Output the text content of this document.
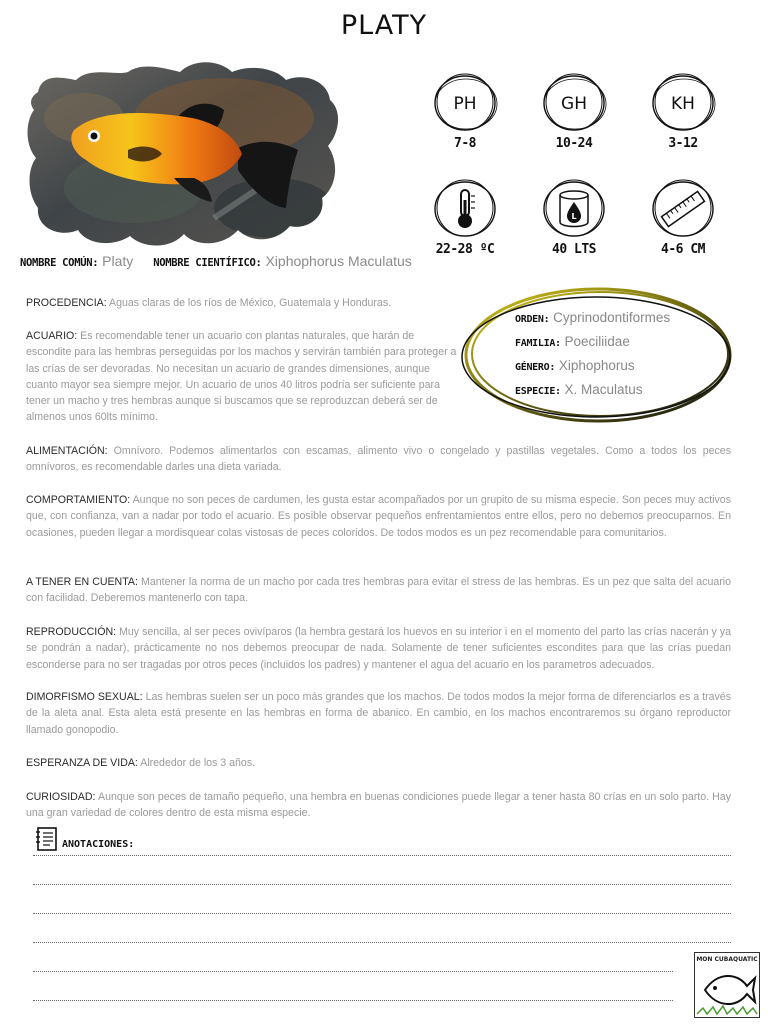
PLATY
NOMBRE COMÚN: Platy NOMBRE CIENTÍFICO: Xiphophorus Maculatus
PH
7-8
GH
10-24
KH
3-12
22-28 ºC
L
40 LTS	4-6 CM
ORDEN: Cyprinodontiformes
FAMILIA: Poeciliidae
GÉNERO: Xiphophorus
ESPECIE: X. Maculatus
PROCEDENCIA: Aguas claras de los ríos de México, Guatemala y Honduras.
ACUARIO: Es recomendable tener un acuario con plantas naturales, que harán de escondite para las hembras perseguidas por los machos y servirán también para proteger a las crías de ser devoradas. No necesitan un acuario de grandes dimensiones, aunque cuanto mayor sea siempre mejor. Un acuario de unos 40 litros podría ser suficiente para tener un macho y tres hembras aunque si buscamos que se reproduzcan deberá ser de almenos unos 60lts mínimo.
ALIMENTACIÓN: Omnívoro. Podemos alimentarlos con escamas, alimento vivo o congelado y pastillas vegetales. Como a todos los peces omnívoros, es recomendable darles una dieta variada.
COMPORTAMIENTO: Aunque no son peces de cardumen, les gusta estar acompañados por un grupito de su misma especie. Son peces muy activos que, con confianza, van a nadar por todo el acuario. Es posible observar pequeños enfrentamientos entre ellos, pero no debemos preocuparnos. En ocasiones, pueden llegar a mordisquear colas vistosas de peces coloridos. De todos modos es un pez recomendable para comunitarios.
A TENER EN CUENTA: Mantener la norma de un macho por cada tres hembras para evitar el stress de las hembras. Es un pez que salta del acuario con facilidad. Deberemos mantenerlo con tapa.
REPRODUCCIÓN: Muy sencilla, al ser peces ovivíparos (la hembra gestará los huevos en su interior i en el momento del parto las crías nacerán y ya se pondrán a nadar), prácticamente no nos debemos preocupar de nada. Solamente de tener suficientes escondites para que las crías puedan esconderse para no ser tragadas por otros peces (incluidos los padres) y mantener el agua del acuario en los parametros adecuados.
DIMORFISMO SEXUAL: Las hembras suelen ser un poco más grandes que los machos. De todos modos la mejor forma de diferenciarlos es a través de la aleta anal. Esta aleta está presente en las hembras en forma de abanico. En cambio, en los machos encontraremos su órgano reproductor llamado gonopodio.
ESPERANZA DE VIDA: Alrededor de los 3 años.
CURIOSIDAD: Aunque son peces de tamaño pequeño, una hembra en buenas condiciones puede llegar a tener hasta 80 crías en un solo parto. Hay una gran variedad de colores dentro de esta misma especie.
ANOTACIONES:
MON CUBAQUATIC
